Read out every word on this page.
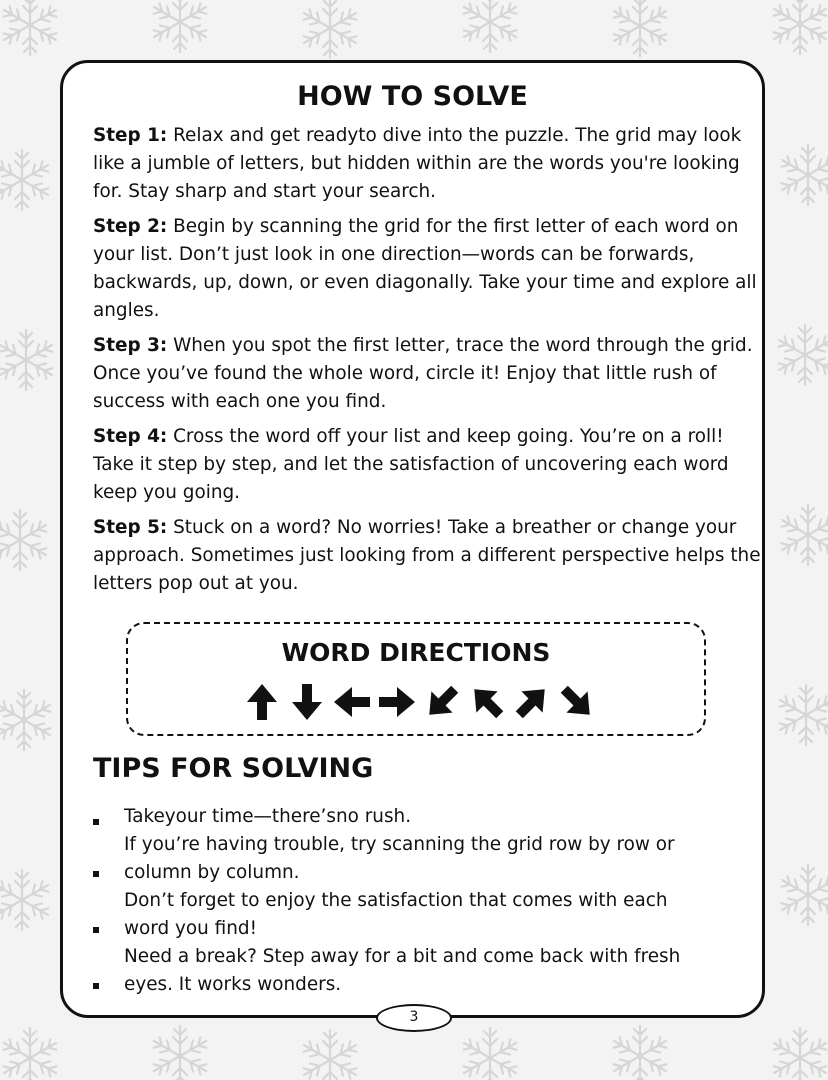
HOW TO SOLVE

Step 1: Relax and get readyto dive into the puzzle. The grid may look like a jumble of letters, but hidden within are the words you're looking for. Stay sharp and start your search.

Step 2: Begin by scanning the grid for the first letter of each word on your list. Don’t just look in one direction—words can be forwards, backwards, up, down, or even diagonally. Take your time and explore all angles.

Step 3: When you spot the first letter, trace the word through the grid. Once you’ve found the whole word, circle it! Enjoy that little rush of success with each one you find.

Step 4: Cross the word off your list and keep going. You’re on a roll! Take it step by step, and let the satisfaction of uncovering each word keep you going.

Step 5: Stuck on a word? No worries! Take a breather or change your approach. Sometimes just looking from a different perspective helps the letters pop out at you.

WORD DIRECTIONS
TIPS FOR SOLVING
Takeyour time—there’sno rush.
If you’re having trouble, try scanning the grid row by row or
column by column.
Don’t forget to enjoy the satisfaction that comes with each
word you find!
Need a break? Step away for a bit and come back with fresh
eyes. It works wonders.
3
